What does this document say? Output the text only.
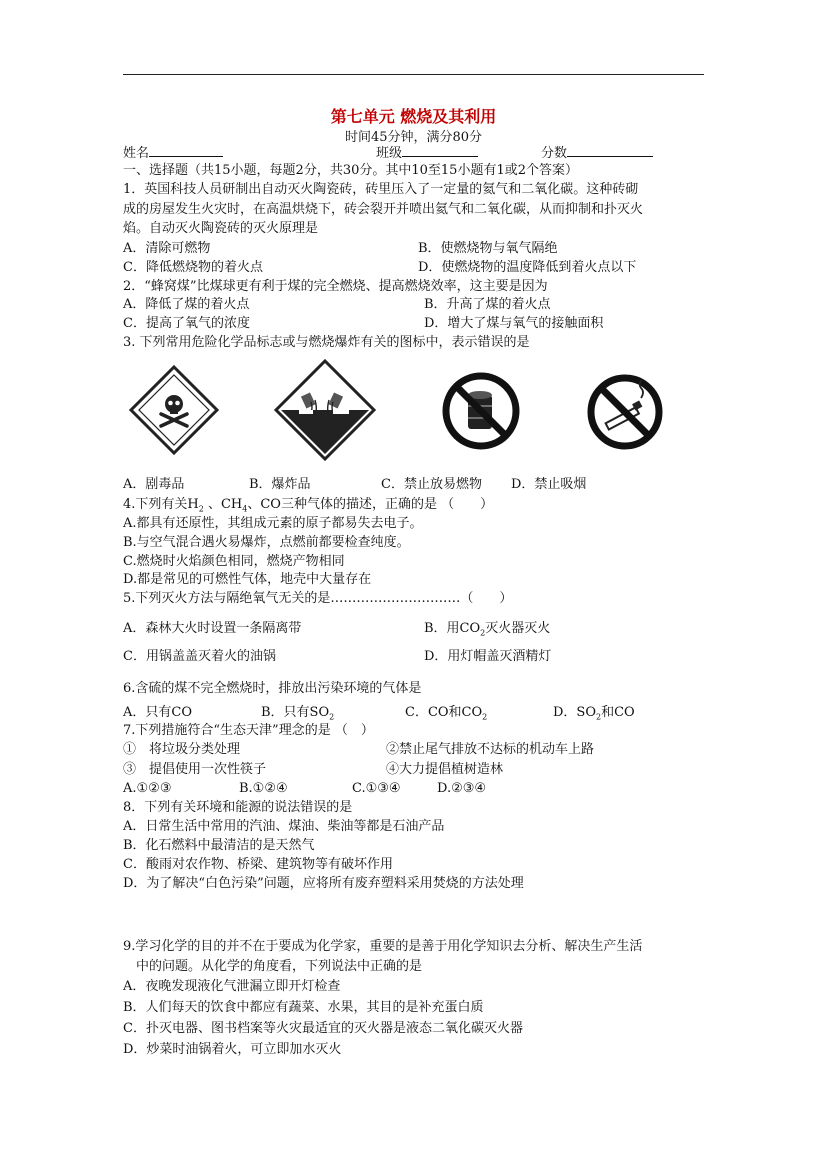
第七单元 燃烧及其利用
时间45分钟，满分80分
姓名	班级	分数
一、选择题（共15小题，每题2分，共30分。其中10至15小题有1或2个答案）
1．英国科技人员研制出自动灭火陶瓷砖，砖里压入了一定量的氦气和二氧化碳。这种砖砌
成的房屋发生火灾时，在高温烘烧下，砖会裂开并喷出氦气和二氧化碳，从而抑制和扑灭火
焰。自动灭火陶瓷砖的灭火原理是
A．清除可燃物	B．使燃烧物与氧气隔绝
C．降低燃烧物的着火点	D．使燃烧物的温度降低到着火点以下
2．“蜂窝煤”比煤球更有利于煤的完全燃烧、提高燃烧效率，这主要是因为
A．降低了煤的着火点	B．升高了煤的着火点
C．提高了氧气的浓度	D．增大了煤与氧气的接触面积
3. 下列常用危险化学品标志或与燃烧爆炸有关的图标中，表示错误的是
A．剧毒品	B．爆炸品	C．禁止放易燃物 D．禁止吸烟
4.下列有关$H_2$ 、$CH_4$、CO三种气体的描述，正确的是 （　　）
A.都具有还原性，其组成元素的原子都易失去电子。
B.与空气混合遇火易爆炸，点燃前都要检查纯度。
C.燃烧时火焰颜色相同，燃烧产物相同
D.都是常见的可燃性气体，地壳中大量存在
5.下列灭火方法与隔绝氧气无关的是…………………………（　　）
A．森林大火时设置一条隔离带	B．用$CO_2$灭火器灭火
C．用锅盖盖灭着火的油锅	D．用灯帽盖灭酒精灯
6.含硫的煤不完全燃烧时，排放出污染环境的气体是
A．只有CO	B．只有$SO_2$	C．CO和$CO_2$	D．$SO_2$和CO
7.下列措施符合“生态天津”理念的是 （　）
①　将垃圾分类处理	②禁止尾气排放不达标的机动车上路
③　提倡使用一次性筷子	④大力提倡植树造林
A.①②③	B.①②④	C.①③④	D.②③④
8．下列有关环境和能源的说法错误的是
A．日常生活中常用的汽油、煤油、柴油等都是石油产品
B．化石燃料中最清洁的是天然气
C．酸雨对农作物、桥梁、建筑物等有破坏作用
D．为了解决“白色污染”问题，应将所有废弃塑料采用焚烧的方法处理
9.学习化学的目的并不在于要成为化学家，重要的是善于用化学知识去分析、解决生产生活
中的问题。从化学的角度看，下列说法中正确的是
A．夜晚发现液化气泄漏立即开灯检查
B．人们每天的饮食中都应有蔬菜、水果，其目的是补充蛋白质
C．扑灭电器、图书档案等火灾最适宜的灭火器是液态二氧化碳灭火器
D．炒菜时油锅着火，可立即加水灭火
